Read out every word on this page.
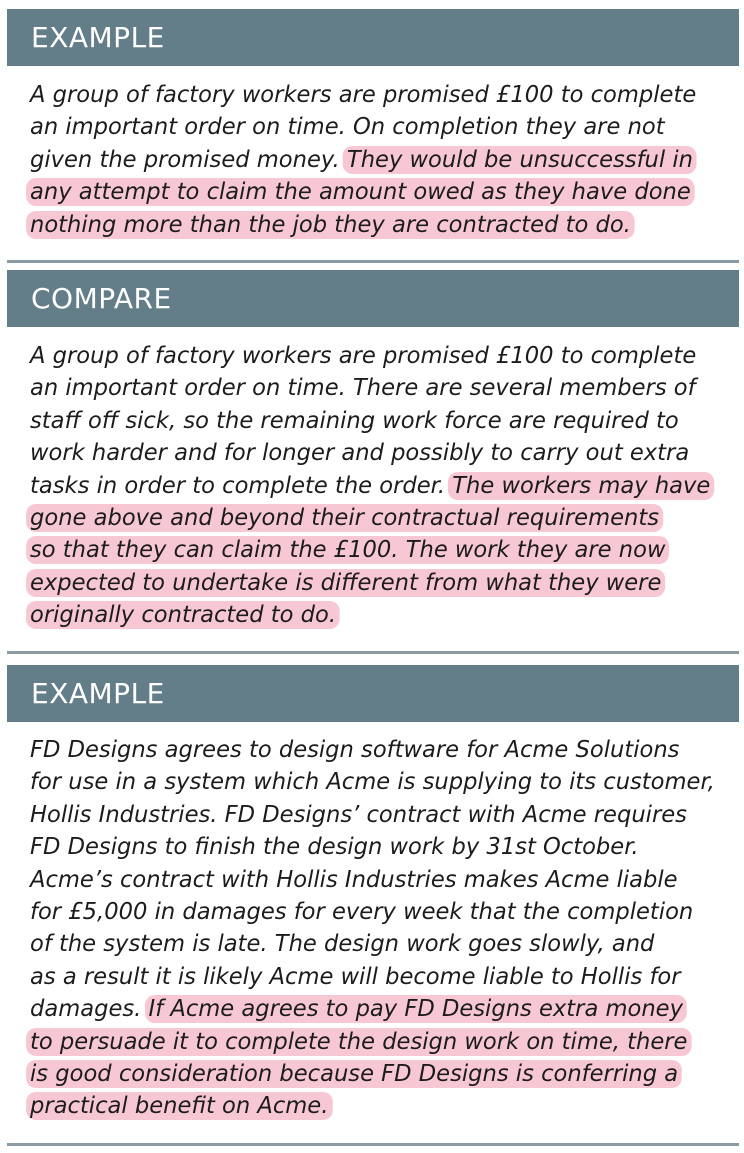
EXAMPLE
A group of factory workers are promised £100 to complete
an important order on time. On completion they are not
given the promised money. They would be unsuccessful in
any attempt to claim the amount owed as they have done
nothing more than the job they are contracted to do.
COMPARE
A group of factory workers are promised £100 to complete
an important order on time. There are several members of
staff off sick, so the remaining work force are required to
work harder and for longer and possibly to carry out extra
tasks in order to complete the order. The workers may have
gone above and beyond their contractual requirements
so that they can claim the £100. The work they are now
expected to undertake is different from what they were
originally contracted to do.
EXAMPLE
FD Designs agrees to design software for Acme Solutions
for use in a system which Acme is supplying to its customer,
Hollis Industries. FD Designs’ contract with Acme requires
FD Designs to finish the design work by 31st October.
Acme’s contract with Hollis Industries makes Acme liable
for £5,000 in damages for every week that the completion
of the system is late. The design work goes slowly, and
as a result it is likely Acme will become liable to Hollis for
damages. If Acme agrees to pay FD Designs extra money
to persuade it to complete the design work on time, there
is good consideration because FD Designs is conferring a
practical benefit on Acme.
